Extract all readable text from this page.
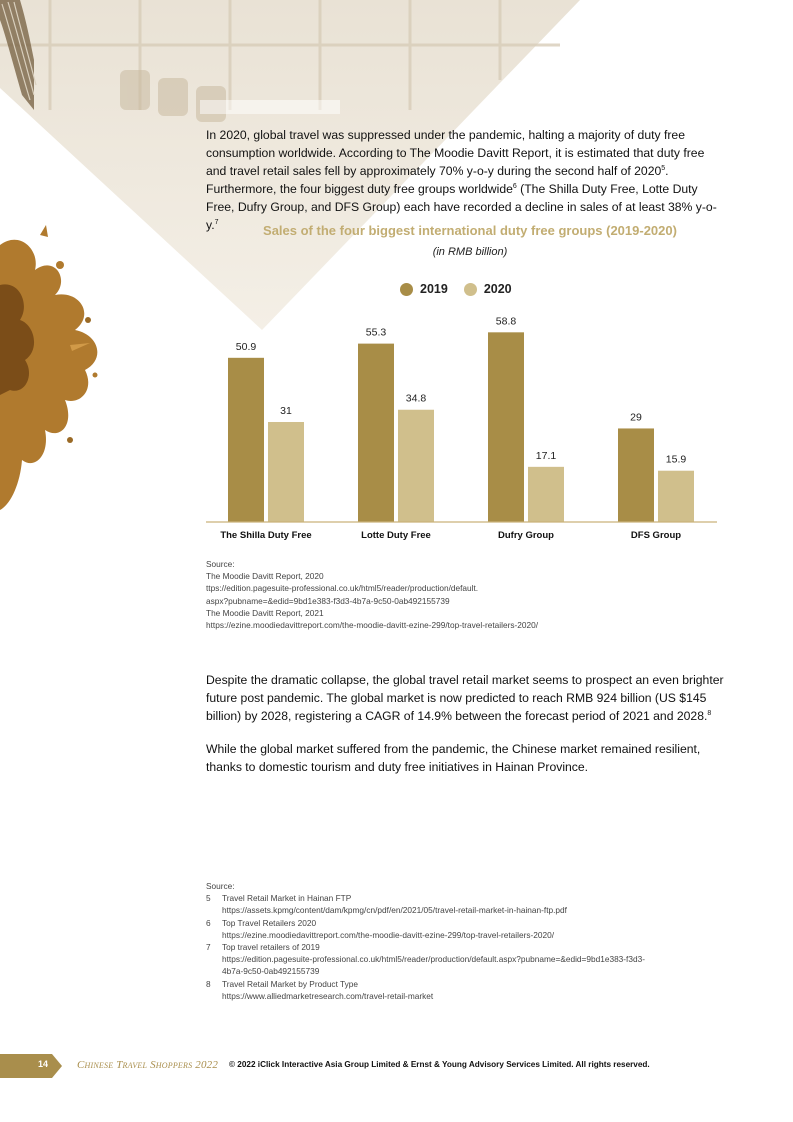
In 2020, global travel was suppressed under the pandemic, halting a majority of duty free consumption worldwide. According to The Moodie Davitt Report, it is estimated that duty free and travel retail sales fell by approximately 70% y-o-y during the second half of 2020$^5$. Furthermore, the four biggest duty free groups worldwide$^6$ (The Shilla Duty Free, Lotte Duty Free, Dufry Group, and DFS Group) each have recorded a decline in sales of at least 38% y-o-y.$^7$

Sales of the four biggest international duty free groups (2019-2020)

(in RMB billion)

2019	2020
50.9
31
The Shilla Duty Free
55.3
34.8
Lotte Duty Free
58.8
17.1
Dufry Group
29
15.9
DFS Group
Source:
The Moodie Davitt Report, 2020
ttps://edition.pagesuite-professional.co.uk/html5/reader/production/default.
aspx?pubname=&edid=9bd1e383-f3d3-4b7a-9c50-0ab492155739
The Moodie Davitt Report, 2021
https://ezine.moodiedavittreport.com/the-moodie-davitt-ezine-299/top-travel-retailers-2020/

Despite the dramatic collapse, the global travel retail market seems to prospect an even brighter future post pandemic. The global market is now predicted to reach RMB 924 billion (US $145 billion) by 2028, registering a CAGR of 14.9% between the forecast period of 2021 and 2028.$^8$

While the global market suffered from the pandemic, the Chinese market remained resilient, thanks to domestic tourism and duty free initiatives in Hainan Province.

Source:
5	Travel Retail Market in Hainan FTP
https://assets.kpmg/content/dam/kpmg/cn/pdf/en/2021/05/travel-retail-market-in-hainan-ftp.pdf
6	Top Travel Retailers 2020
https://ezine.moodiedavittreport.com/the-moodie-davitt-ezine-299/top-travel-retailers-2020/
7	Top travel retailers of 2019
https://edition.pagesuite-professional.co.uk/html5/reader/production/default.aspx?pubname=&edid=9bd1e383-f3d3-
4b7a-9c50-0ab492155739
8	Travel Retail Market by Product Type
https://www.alliedmarketresearch.com/travel-retail-market
14	Chinese Travel Shoppers 2022 © 2022 iClick Interactive Asia Group Limited & Ernst & Young Advisory Services Limited. All rights reserved.
